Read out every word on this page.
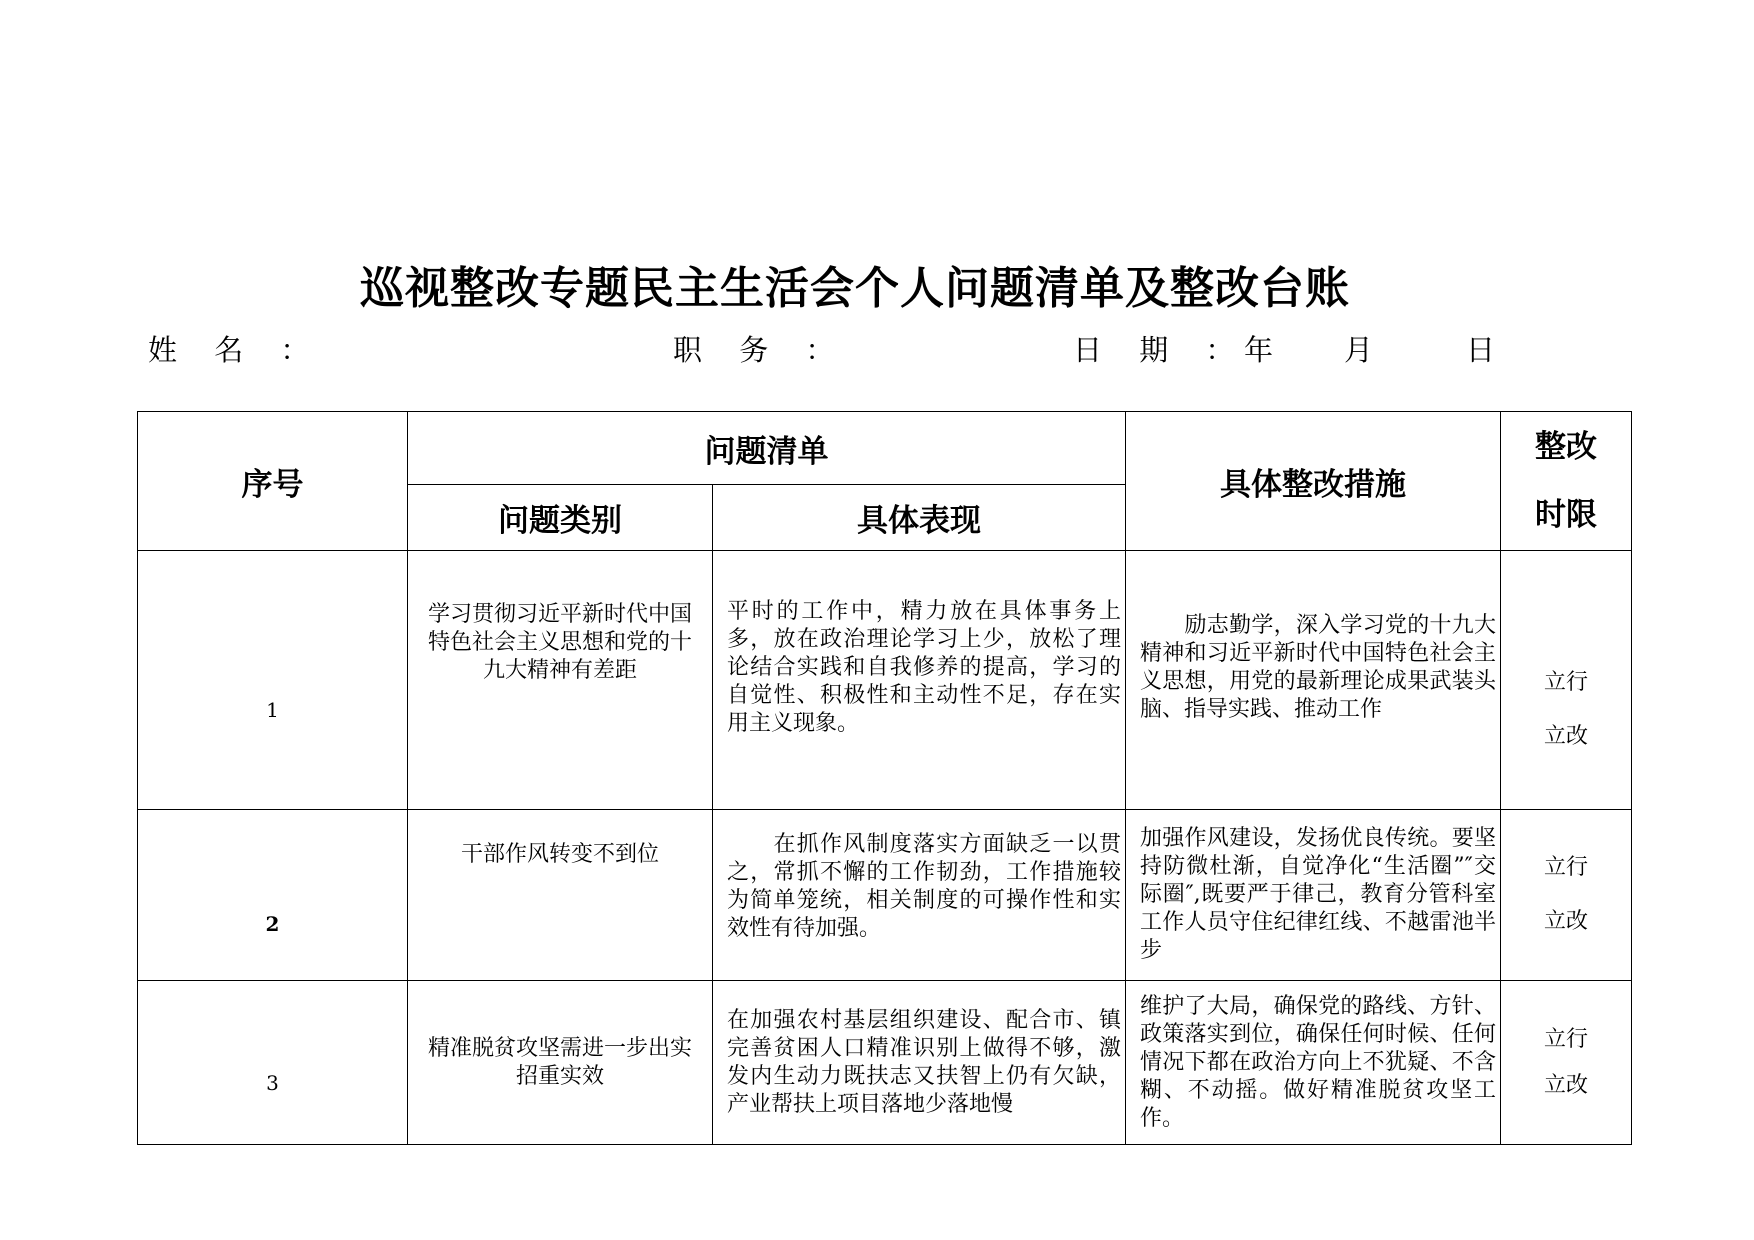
巡视整改专题民主生活会个人问题清单及整改台账
姓 名 ：	职 务 ：	日 期 ：
年 月	日
序号	问题清单		具体整改措施	整改
时限

	问题类别	具体表现		

1	学习贯彻习近平新时代中国特色社会主义思想和党的十九大精神有差距	平时的工作中，精力放在具体事务上多，放在政治理论学习上少，放松了理论结合实践和自我修养的提高，学习的自觉性、积极性和主动性不足，存在实用主义现象。	　　励志勤学，深入学习党的十九大精神和习近平新时代中国特色社会主义思想，用党的最新理论成果武装头脑、指导实践、推动工作	立行
立改

2	干部作风转变不到位	　　在抓作风制度落实方面缺乏一以贯之，常抓不懈的工作韧劲，工作措施较为简单笼统，相关制度的可操作性和实效性有待加强。	加强作风建设，发扬优良传统。要坚持防微杜渐，自觉净化“生活圈”″交际圈″,既要严于律己，教育分管科室工作人员守住纪律红线、不越雷池半步	立行
立改

3	精准脱贫攻坚需进一步出实招重实效	在加强农村基层组织建设、配合市、镇完善贫困人口精准识别上做得不够，激发内生动力既扶志又扶智上仍有欠缺，产业帮扶上项目落地少落地慢	维护了大局，确保党的路线、方针、政策落实到位，确保任何时候、任何情况下都在政治方向上不犹疑、不含糊、不动摇。做好精准脱贫攻坚工作。	立行
立改
